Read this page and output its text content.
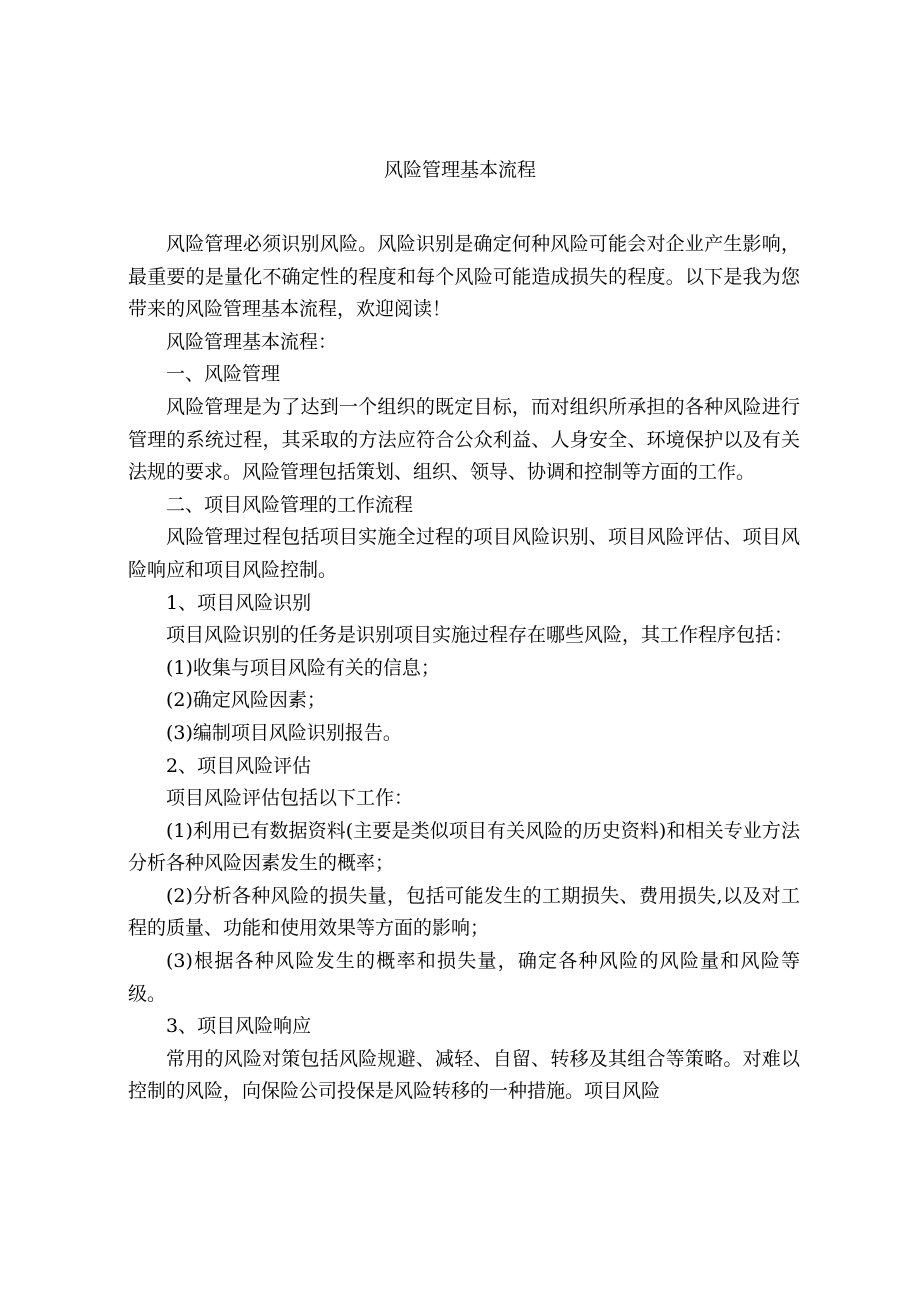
风险管理基本流程

风险管理必须识别风险。风险识别是确定何种风险可能会对企业产生影响，最重要的是量化不确定性的程度和每个风险可能造成损失的程度。以下是我为您带来的风险管理基本流程，欢迎阅读！

风险管理基本流程：

一、风险管理

风险管理是为了达到一个组织的既定目标，而对组织所承担的各种风险进行管理的系统过程，其采取的方法应符合公众利益、人身安全、环境保护以及有关法规的要求。风险管理包括策划、组织、领导、协调和控制等方面的工作。

二、项目风险管理的工作流程

风险管理过程包括项目实施全过程的项目风险识别、项目风险评估、项目风险响应和项目风险控制。

1、项目风险识别

项目风险识别的任务是识别项目实施过程存在哪些风险，其工作程序包括：

(1)收集与项目风险有关的信息；

(2)确定风险因素；

(3)编制项目风险识别报告。

2、项目风险评估

项目风险评估包括以下工作：

(1)利用已有数据资料(主要是类似项目有关风险的历史资料)和相关专业方法分析各种风险因素发生的概率；

(2)分析各种风险的损失量，包括可能发生的工期损失、费用损失,以及对工程的质量、功能和使用效果等方面的影响；

(3)根据各种风险发生的概率和损失量，确定各种风险的风险量和风险等级。

3、项目风险响应

常用的风险对策包括风险规避、减轻、自留、转移及其组合等策略。对难以控制的风险，向保险公司投保是风险转移的一种措施。项目风险
